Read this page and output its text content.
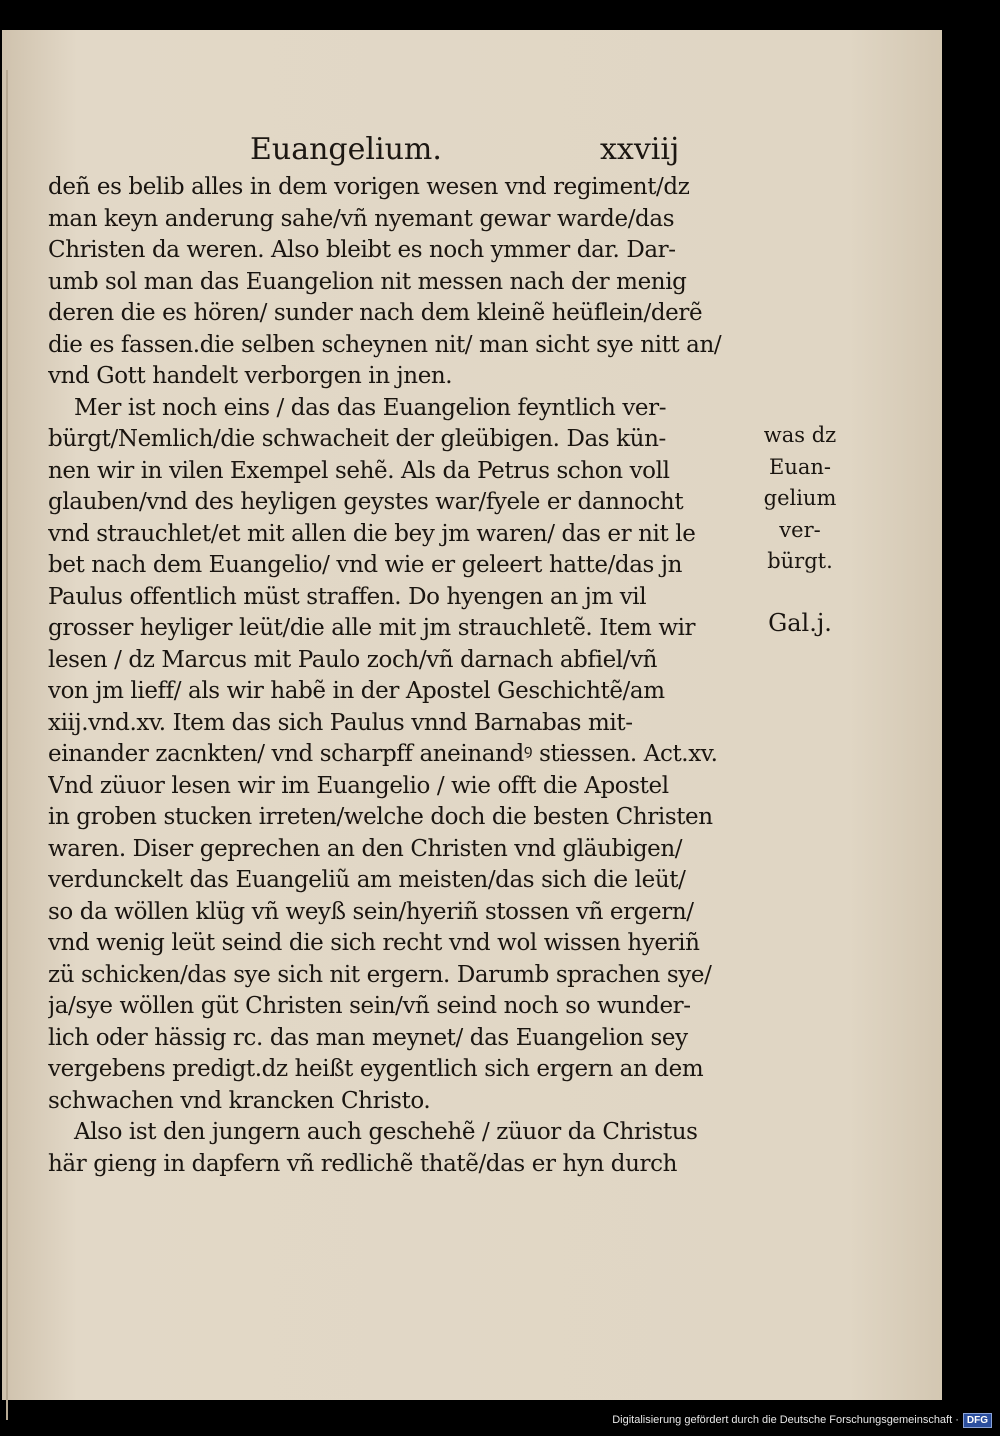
Euangelium.	xxviij
deñ es belib alles in dem vorigen wesen vnd regiment/dz
man keyn anderung sahe/vñ nyemant gewar warde/das
Christen da weren. Also bleibt es noch ymmer dar. Dar‑
umb sol man das Euangelion nit messen nach der menig
deren die es hören/ sunder nach dem kleinẽ heüflein/derẽ
die es fassen.die selben scheynen nit/ man sicht sye nitt an/
vnd Gott handelt verborgen in jnen.
Mer ist noch eins / das das Euangelion feyntlich ver‑
bürgt/Nemlich/die schwacheit der gleübigen. Das kün‑
nen wir in vilen Exempel sehẽ. Als da Petrus schon voll
glauben/vnd des heyligen geystes war/fyele er dannocht
vnd strauchlet/et mit allen die bey jm waren/ das er nit le
bet nach dem Euangelio/ vnd wie er geleert hatte/das jn
Paulus offentlich müst straffen. Do hyengen an jm vil
grosser heyliger leüt/die alle mit jm strauchletẽ. Item wir
lesen / dz Marcus mit Paulo zoch/vñ darnach abfiel/vñ
von jm lieff/ als wir habẽ in der Apostel Geschichtẽ/am
xiij.vnd.xv. Item das sich Paulus vnnd Barnabas mit‑
einander zacnkten/ vnd scharpff aneinandꝰ stiessen. Act.xv.
Vnd züuor lesen wir im Euangelio / wie offt die Apostel
in groben stucken irreten/welche doch die besten Christen
waren. Diser geprechen an den Christen vnd gläubigen/
verdunckelt das Euangeliũ am meisten/das sich die leüt/
so da wöllen klüg vñ weyß sein/hyeriñ stossen vñ ergern/
vnd wenig leüt seind die sich recht vnd wol wissen hyeriñ
zü schicken/das sye sich nit ergern. Darumb sprachen sye/
ja/sye wöllen güt Christen sein/vñ seind noch so wunder‑
lich oder hässig rc. das man meynet/ das Euangelion sey
vergebens predigt.dz heißt eygentlich sich ergern an dem
schwachen vnd krancken Christo.
Also ist den jungern auch geschehẽ / züuor da Christus
här gieng in dapfern vñ redlichẽ thatẽ/das er hyn durch
was dz
Euan‑
gelium
ver‑
bürgt.
Gal.j.
Digitalisierung gefördert durch die Deutsche Forschungsgemeinschaft · DFG
